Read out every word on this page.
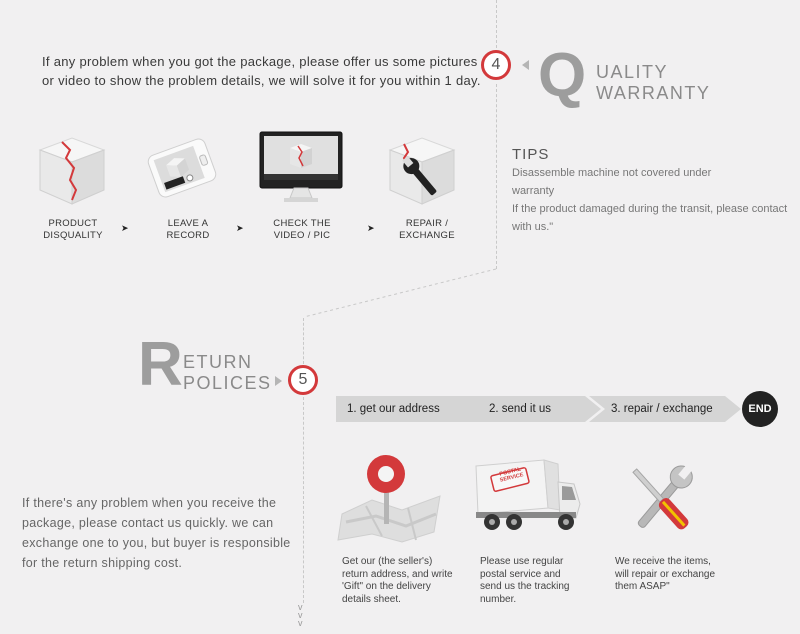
v
v
v
If any problem when you got the package, please offer us some pictures or video to show the problem details, we will solve it for you within 1 day.
4 Q UALITY
WARRANTY
PRODUCT DISQUALITY
➤	LEAVE A RECORD
➤	CHECK THE VIDEO / PIC
➤	REPAIR / EXCHANGE
TIPS
Disassemble machine not covered under warranty
If the product damaged during the transit, please contact with us."
R ETURN
POLICES	5
1. get our address	2. send it us	3. repair / exchange	END
POSTAL SERVICE
Get our (the seller's) return address, and write 'Gift" on the delivery details sheet.
Please use regular postal service and send us the tracking number.
We receive the items, will repair or exchange them ASAP"
If there's any problem when you receive the package, please contact us quickly. we can exchange one to you, but buyer is responsible for the return shipping cost.
